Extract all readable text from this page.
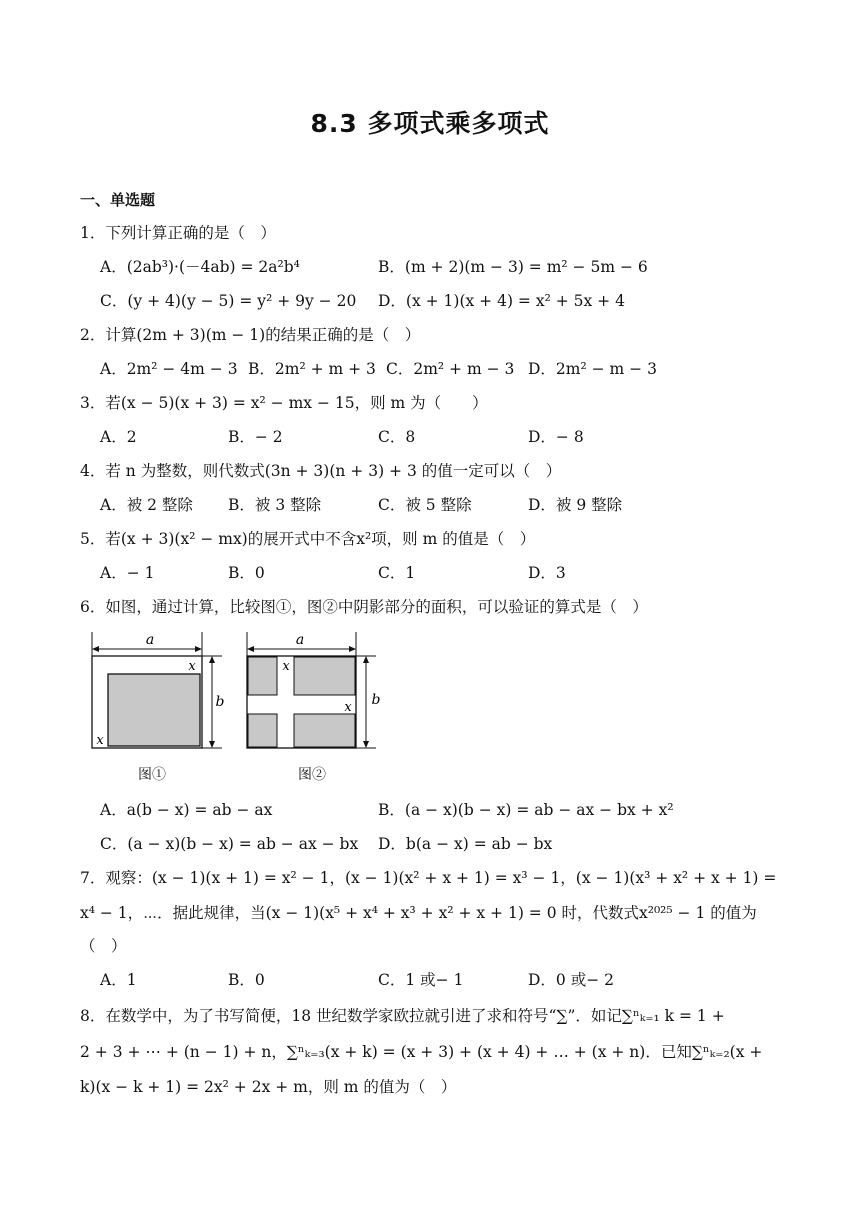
8.3 多项式乘多项式
一、单选题
1．下列计算正确的是（　）
A．(2ab³)·(－4ab) = 2a²b⁴	B．(m + 2)(m − 3) = m² − 5m − 6
C．(y + 4)(y − 5) = y² + 9y − 20 D．(x + 1)(x + 4) = x² + 5x + 4
2．计算(2m + 3)(m − 1)的结果正确的是（　）
A．2m² − 4m − 3 B．2m² + m + 3 C．2m² + m − 3 D．2m² − m − 3
3．若(x − 5)(x + 3) = x² − mx − 15，则 m 为（　　）
A．2	B．− 2	C．8	D．− 8
4．若 n 为整数，则代数式(3n + 3)(n + 3) + 3 的值一定可以（　）
A．被 2 整除 B．被 3 整除	C．被 5 整除	D．被 9 整除
5．若(x + 3)(x² − mx)的展开式中不含x²项，则 m 的值是（　）
A．− 1	B．0	C．1	D．3
6．如图，通过计算，比较图①，图②中阴影部分的面积，可以验证的算式是（　）
a
x
x
b
图①
a
x
x b
图②
A．a(b − x) = ab − ax	B．(a − x)(b − x) = ab − ax − bx + x²
C．(a − x)(b − x) = ab − ax − bx D．b(a − x) = ab − bx
7．观察：(x − 1)(x + 1) = x² − 1，(x − 1)(x² + x + 1) = x³ − 1，(x − 1)(x³ + x² + x + 1) =
x⁴ − 1，⋯．据此规律，当(x − 1)(x⁵ + x⁴ + x³ + x² + x + 1) = 0 时，代数式x²⁰²⁵ − 1 的值为
（　）
A．1	B．0	C．1 或− 1	D．0 或− 2
8．在数学中，为了书写简便，18 世纪数学家欧拉就引进了求和符号“∑”．如记∑ⁿₖ₌₁ k = 1 +
2 + 3 + ⋯ + (n − 1) + n，∑ⁿₖ₌₃(x + k) = (x + 3) + (x + 4) + … + (x + n)．已知∑ⁿₖ₌₂(x +
k)(x − k + 1) = 2x² + 2x + m，则 m 的值为（　）
